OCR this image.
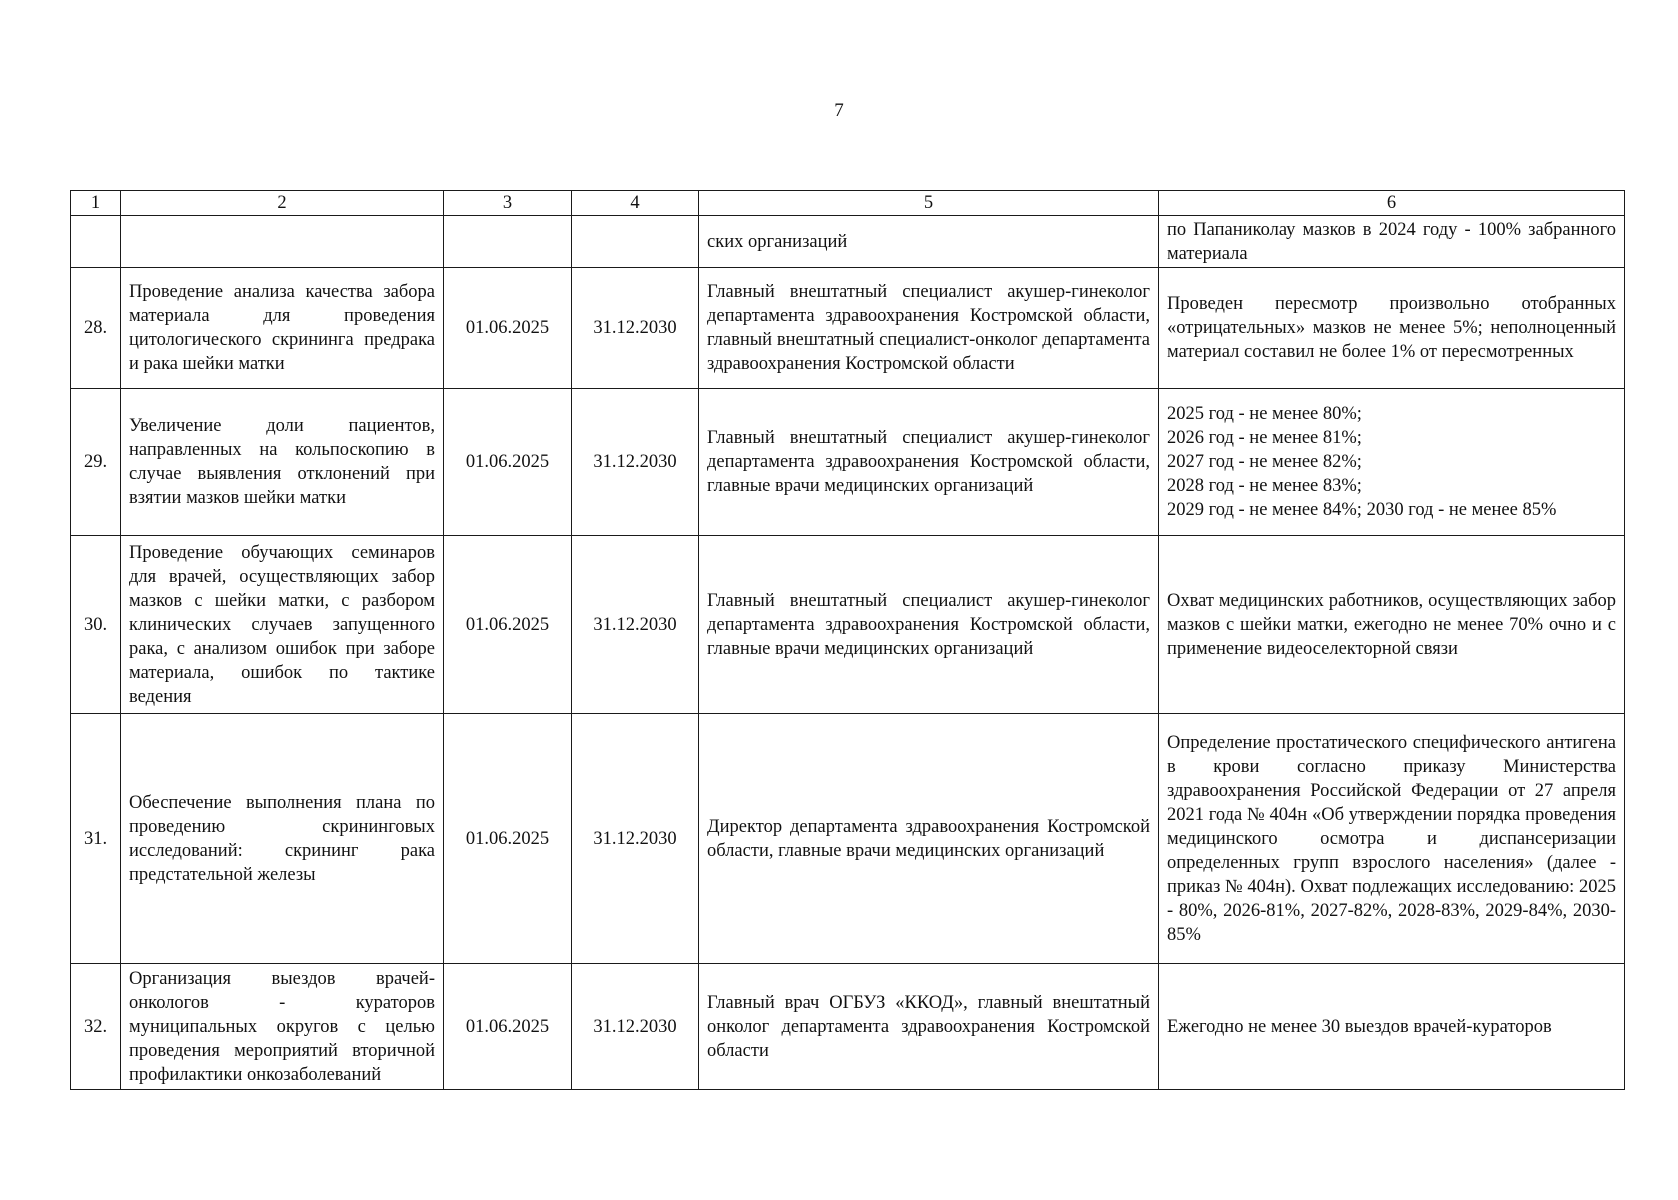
7
1	2	3	4	5	6
				ских организаций	по Папаниколау мазков в 2024 году - 100% забранного материала
28.	Проведение анализа качества забора материала для проведения цитологического скрининга предрака и рака шейки матки	01.06.2025	31.12.2030	Главный внештатный специалист акушер-гинеколог департамента здравоохранения Костромской области, главный внештатный специалист-онколог департамента здравоохранения Костромской области	Проведен пересмотр произвольно отобранных «отрицательных» мазков не менее 5%; неполноценный материал составил не более 1% от пересмотренных
29.	Увеличение доли пациентов, направленных на кольпоскопию в случае выявления отклонений при взятии мазков шейки матки	01.06.2025	31.12.2030	Главный внештатный специалист акушер-гинеколог департамента здравоохранения Костромской области, главные врачи медицинских организаций	2025 год - не менее 80%;
2026 год - не менее 81%;
2027 год - не менее 82%;
2028 год - не менее 83%;
2029 год - не менее 84%; 2030 год - не менее 85%

30.	Проведение обучающих семинаров для врачей, осуществляющих забор мазков с шейки матки, с разбором клинических случаев запущенного рака, с анализом ошибок при заборе материала, ошибок по тактике ведения	01.06.2025	31.12.2030	Главный внештатный специалист акушер-гинеколог департамента здравоохранения Костромской области, главные врачи медицинских организаций	Охват медицинских работников, осуществляющих забор мазков с шейки матки, ежегодно не менее 70% очно и с применение видеоселекторной связи
31.	Обеспечение выполнения плана по проведению скрининговых исследований: скрининг рака предстательной железы	01.06.2025	31.12.2030	Директор департамента здравоохранения Костромской области, главные врачи медицинских организаций	Определение простатического специфического антигена в крови согласно приказу Министерства здравоохранения Российской Федерации от 27 апреля 2021 года № 404н «Об утверждении порядка проведения медицинского осмотра и диспансеризации определенных групп взрослого населения» (далее - приказ № 404н). Охват подлежащих исследованию: 2025 - 80%, 2026-81%, 2027-82%, 2028-83%, 2029-84%, 2030- 85%
32.	Организация выездов врачей-онкологов - кураторов муниципальных округов с целью проведения мероприятий вторичной профилактики онкозаболеваний	01.06.2025	31.12.2030	Главный врач ОГБУЗ «ККОД», главный внештатный онколог департамента здравоохранения Костромской области	Ежегодно не менее 30 выездов врачей-кураторов
